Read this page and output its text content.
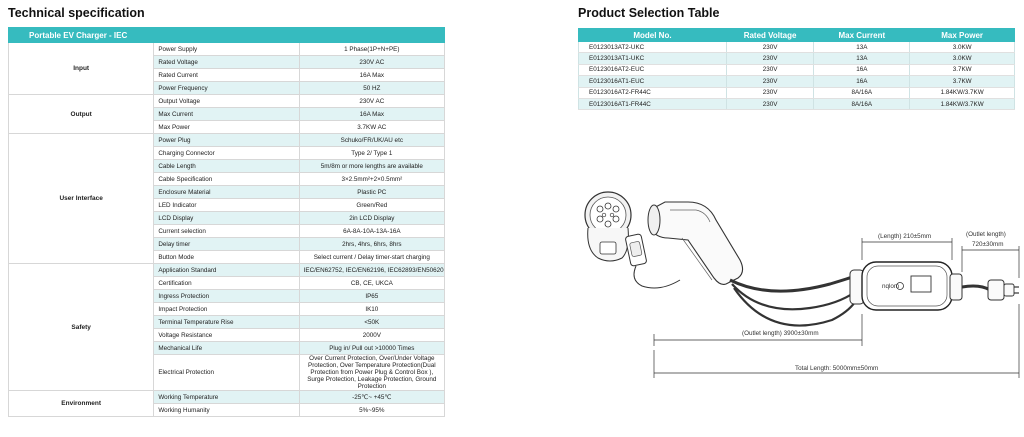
Technical specification	Product Selection Table
Portable EV Charger - IEC		
Input	Power Supply	1 Phase(1P+N+PE)
	Rated Voltage	230V AC
	Rated Current	16A Max
	Power Frequency	50 HZ
Output	Output Voltage	230V AC
	Max Current	16A Max
	Max Power	3.7KW AC
User Interface	Power Plug	Schuko/FR/UK/AU etc
	Charging Connector	Type 2/ Type 1
	Cable Length	5m/8m or more lengths are available
	Cable Specification	3×2.5mm²+2×0.5mm²
	Enclosure Material	Plastic PC
	LED Indicator	Green/Red
	LCD Display	2in LCD Display
	Current selection	6A-8A-10A-13A-16A
	Delay timer	2hrs, 4hrs, 6hrs, 8hrs
	Button Mode	Select current / Delay timer-start charging
Safety	Application Standard	IEC/EN62752, IEC/EN62196, IEC62893/EN50620
	Certification	CB, CE, UKCA
	Ingress Protection	IP65
	Impact Protection	IK10
	Terminal Temperature Rise	<50K
	Voltage Resistance	2000V
	Mechanical Life	Plug in/ Pull out >10000 Times
	Electrical Protection	Over Current Protection, Over/Under Voltage Protection, Over Temperature Protection(Dual Protection from Power Plug & Control Box ), Surge Protection, Leakage Protection, Ground Protection
Environment	Working Temperature	-25℃~ +45℃
	Working Humanity	5%~95%
Model No.	Rated Voltage	Max Current	Max Power
E0123013AT2-UKC	230V	13A	3.0KW
E0123013AT1-UKC	230V	13A	3.0KW
E0123016AT2-EUC	230V	16A	3.7KW
E0123016AT1-EUC	230V	16A	3.7KW
E0123016AT2-FR44C	230V	8A/16A	1.84KW/3.7KW
E0123016AT1-FR44C	230V	8A/16A	1.84KW/3.7KW
nqlom
(Length) 210±5mm	(Outlet length)
720±30mm
(Outlet length) 3900±30mm
Total Length: 5000mm±50mm
